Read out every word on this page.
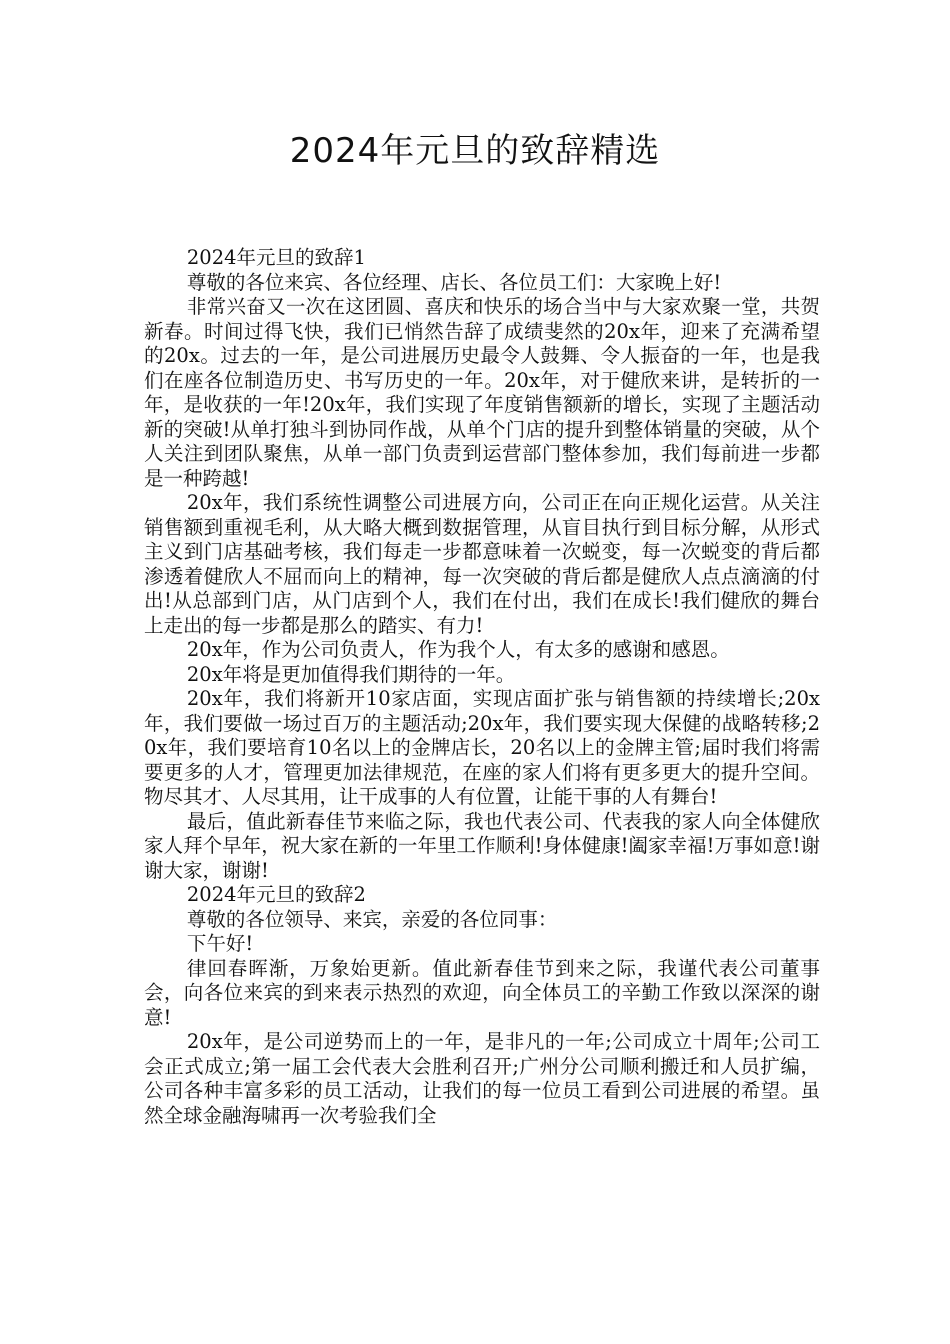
2024年元旦的致辞精选

2024年元旦的致辞1

尊敬的各位来宾、各位经理、店长、各位员工们：大家晚上好!

非常兴奋又一次在这团圆、喜庆和快乐的场合当中与大家欢聚一堂，共贺新春。时间过得飞快，我们已悄然告辞了成绩斐然的20x年，迎来了充满希望的20x。过去的一年，是公司进展历史最令人鼓舞、令人振奋的一年，也是我们在座各位制造历史、书写历史的一年。20x年，对于健欣来讲，是转折的一年，是收获的一年!20x年，我们实现了年度销售额新的增长，实现了主题活动新的突破!从单打独斗到协同作战，从单个门店的提升到整体销量的突破，从个人关注到团队聚焦，从单一部门负责到运营部门整体参加，我们每前进一步都是一种跨越!

20x年，我们系统性调整公司进展方向，公司正在向正规化运营。从关注销售额到重视毛利，从大略大概到数据管理，从盲目执行到目标分解，从形式主义到门店基础考核，我们每走一步都意味着一次蜕变，每一次蜕变的背后都渗透着健欣人不屈而向上的精神，每一次突破的背后都是健欣人点点滴滴的付出!从总部到门店，从门店到个人，我们在付出，我们在成长!我们健欣的舞台上走出的每一步都是那么的踏实、有力!

20x年，作为公司负责人，作为我个人，有太多的感谢和感恩。

20x年将是更加值得我们期待的一年。

20x年，我们将新开10家店面，实现店面扩张与销售额的持续增长;20x年，我们要做一场过百万的主题活动;20x年，我们要实现大保健的战略转移;20x年，我们要培育10名以上的金牌店长，20名以上的金牌主管;届时我们将需要更多的人才，管理更加法律规范，在座的家人们将有更多更大的提升空间。物尽其才、人尽其用，让干成事的人有位置，让能干事的人有舞台!

最后，值此新春佳节来临之际，我也代表公司、代表我的家人向全体健欣家人拜个早年，祝大家在新的一年里工作顺利!身体健康!阖家幸福!万事如意!谢谢大家，谢谢!

2024年元旦的致辞2

尊敬的各位领导、来宾，亲爱的各位同事：

下午好!

律回春晖渐，万象始更新。值此新春佳节到来之际，我谨代表公司董事会，向各位来宾的到来表示热烈的欢迎，向全体员工的辛勤工作致以深深的谢意!

20x年，是公司逆势而上的一年，是非凡的一年;公司成立十周年;公司工会正式成立;第一届工会代表大会胜利召开;广州分公司顺利搬迁和人员扩编，公司各种丰富多彩的员工活动，让我们的每一位员工看到公司进展的希望。虽然全球金融海啸再一次考验我们全
